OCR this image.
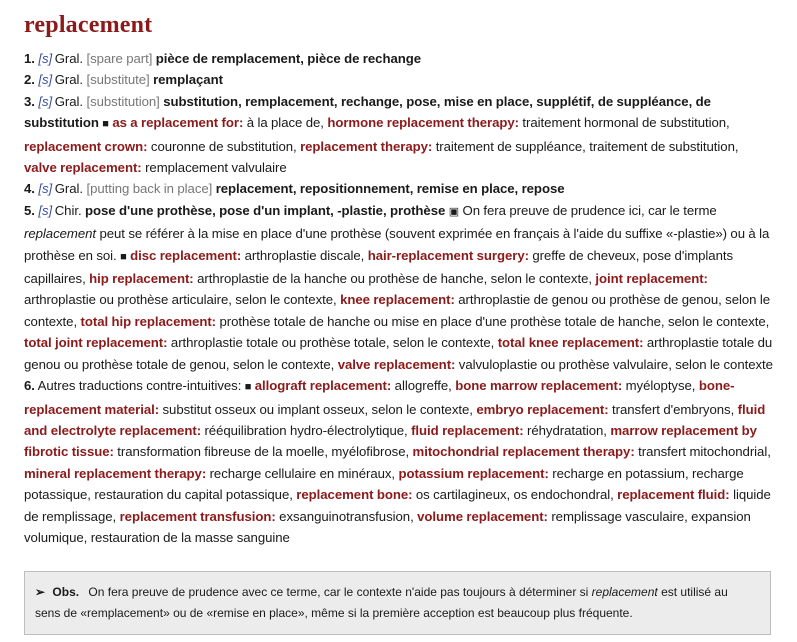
replacement

1. [s]  Gral. [spare part] pièce de remplacement, pièce de rechange

2. [s]  Gral. [substitute] remplaçant

3. [s]  Gral. [substitution] substitution, remplacement, rechange, pose, mise en place, supplétif, de suppléance, de substitution ■ as a replacement for: à la place de, hormone replacement therapy: traitement hormonal de substitution, replacement crown: couronne de substitution, replacement therapy: traitement de suppléance, traitement de substitution, valve replacement: remplacement valvulaire

4. [s]  Gral. [putting back in place] replacement, repositionnement, remise en place, repose

5. [s]  Chir. pose d'une prothèse, pose d'un implant, -plastie, prothèse ▣ On fera preuve de prudence ici, car le terme replacement peut se référer à la mise en place d'une prothèse (souvent exprimée en français à l'aide du suffixe «-plastie») ou à la prothèse en soi. ■ disc replacement: arthroplastie discale, hair-replacement surgery: greffe de cheveux, pose d'implants capillaires, hip replacement: arthroplastie de la hanche ou prothèse de hanche, selon le contexte, joint replacement: arthroplastie ou prothèse articulaire, selon le contexte, knee replacement: arthroplastie de genou ou prothèse de genou, selon le contexte, total hip replacement: prothèse totale de hanche ou mise en place d'une prothèse totale de hanche, selon le contexte, total joint replacement: arthroplastie totale ou prothèse totale, selon le contexte, total knee replacement: arthroplastie totale du genou ou prothèse totale de genou, selon le contexte, valve replacement: valvuloplastie ou prothèse valvulaire, selon le contexte

6. Autres traductions contre-intuitives: ■ allograft replacement: allogreffe, bone marrow replacement: myéloptyse, bone-replacement material: substitut osseux ou implant osseux, selon le contexte, embryo replacement: transfert d'embryons, fluid and electrolyte replacement: rééquilibration hydro-électrolytique, fluid replacement: réhydratation, marrow replacement by fibrotic tissue: transformation fibreuse de la moelle, myélofibrose, mitochondrial replacement therapy: transfert mitochondrial, mineral replacement therapy: recharge cellulaire en minéraux, potassium replacement: recharge en potassium, recharge potassique, restauration du capital potassique, replacement bone: os cartilagineux, os endochondral, replacement fluid: liquide de remplissage, replacement transfusion: exsanguinotransfusion, volume replacement: remplissage vasculaire, expansion volumique, restauration de la masse sanguine

➢ Obs. On fera preuve de prudence avec ce terme, car le contexte n'aide pas toujours à déterminer si replacement est utilisé au sens de «remplacement» ou de «remise en place», même si la première acception est beaucoup plus fréquente.
